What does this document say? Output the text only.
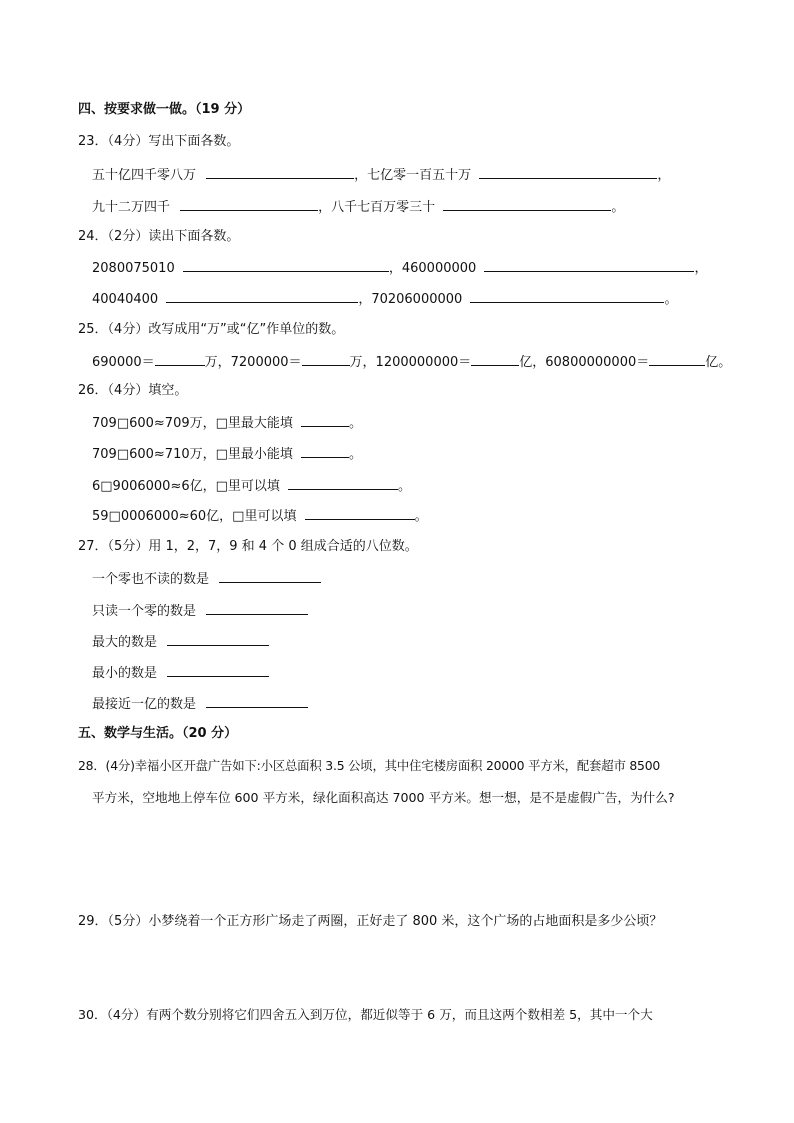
四、按要求做一做。（19 分）
23．（4分）写出下面各数。
五十亿四千零八万	，七亿零一百五十万	，
九十二万四千	，八千七百万零三十	。
24．（2分）读出下面各数。
2080075010	，460000000	，
40040400	，70206000000	。
25．（4分）改写成用“万”或“亿”作单位的数。
690000＝	万，7200000＝	万，1200000000＝	亿，60800000000＝	亿。
26．（4分）填空。
709□600≈709万，□里最大能填	。
709□600≈710万，□里最小能填	。
6□9006000≈6亿，□里可以填	。
59□0006000≈60亿，□里可以填	。
27．（5分）用 1，2，7，9 和 4 个 0 组成合适的八位数。
一个零也不读的数是
只读一个零的数是
最大的数是
最小的数是
最接近一亿的数是
五、数学与生活。（20 分）
28．(4分)幸福小区开盘广告如下:小区总面积 3.5 公顷，其中住宅楼房面积 20000 平方米，配套超市 8500
平方米，空地地上停车位 600 平方米，绿化面积高达 7000 平方米。想一想，是不是虚假广告，为什么?
29．（5分）小梦绕着一个正方形广场走了两圈，正好走了 800 米，这个广场的占地面积是多少公顷？
30．（4分）有两个数分别将它们四舍五入到万位，都近似等于 6 万，而且这两个数相差 5，其中一个大
